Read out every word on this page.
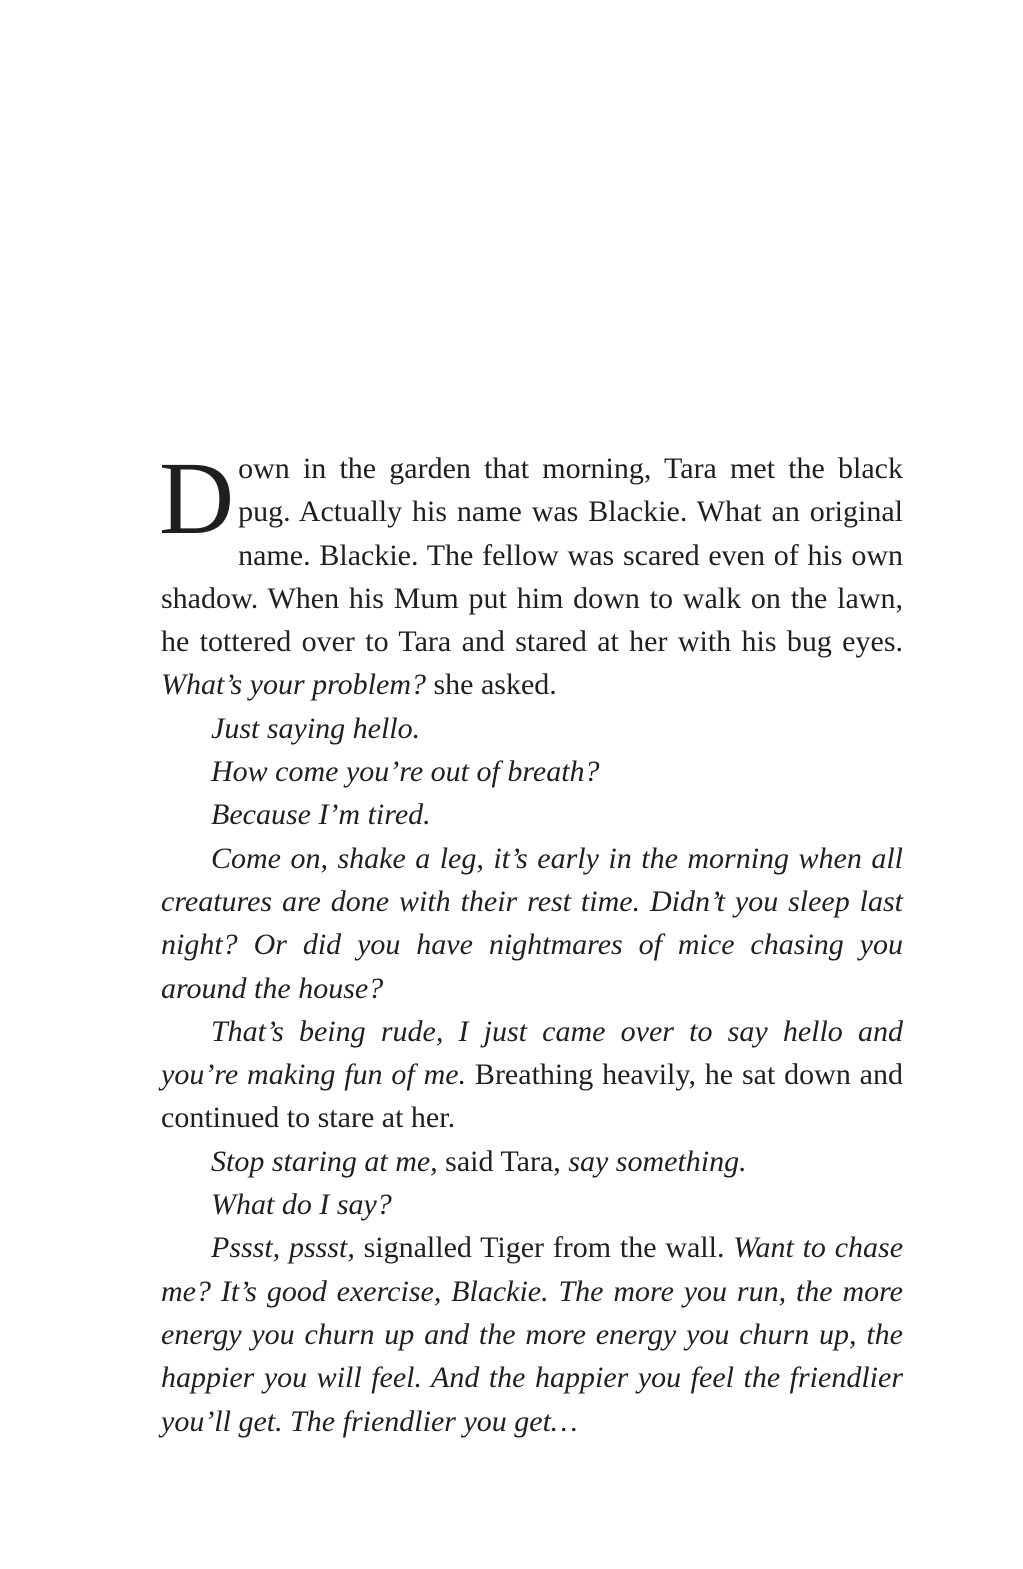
Down in the garden that morning, Tara met the black pug. Actually his name was Blackie. What an original name. Blackie. The fellow was scared even of his own shadow. When his Mum put him down to walk on the lawn, he tottered over to Tara and stared at her with his bug eyes. What’s your problem? she asked.

Just saying hello.

How come you’re out of breath?

Because I’m tired.

Come on, shake a leg, it’s early in the morning when all creatures are done with their rest time. Didn’t you sleep last night? Or did you have nightmares of mice chasing you around the house?

That’s being rude, I just came over to say hello and you’re making fun of me. Breathing heavily, he sat down and continued to stare at her.

Stop staring at me, said Tara, say something.

What do I say?

Pssst, pssst, signalled Tiger from the wall. Want to chase me? It’s good exercise, Blackie. The more you run, the more energy you churn up and the more energy you churn up, the happier you will feel. And the happier you feel the friendlier you’ll get. The friendlier you get…
